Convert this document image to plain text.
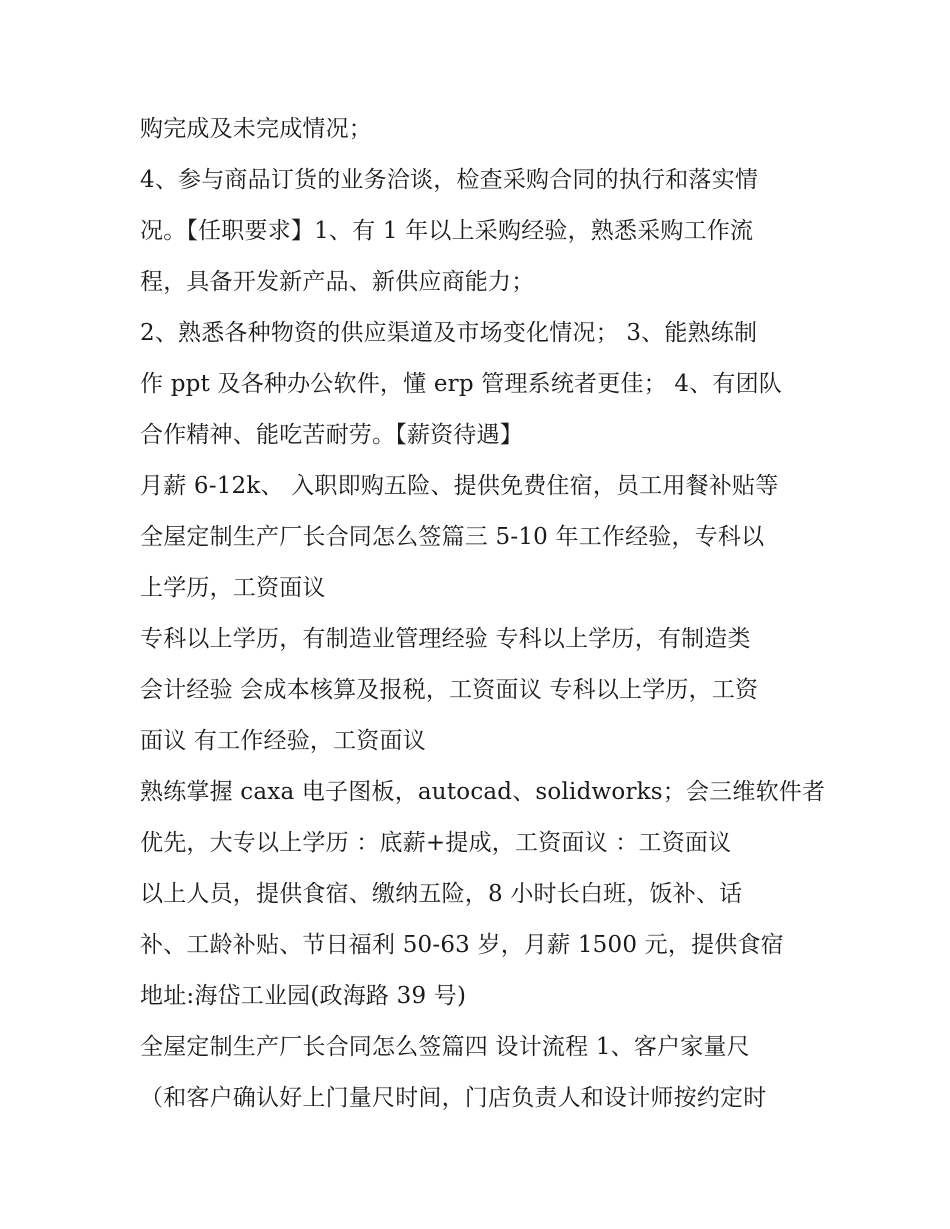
购完成及未完成情况；
4、参与商品订货的业务洽谈，检查采购合同的执行和落实情
况。【任职要求】1、有 1 年以上采购经验，熟悉采购工作流
程，具备开发新产品、新供应商能力；
2、熟悉各种物资的供应渠道及市场变化情况； 3、能熟练制
作 ppt 及各种办公软件，懂 erp 管理系统者更佳； 4、有团队
合作精神、能吃苦耐劳。【薪资待遇】
月薪 6-12k、 入职即购五险、提供免费住宿，员工用餐补贴等
全屋定制生产厂长合同怎么签篇三 5-10 年工作经验，专科以
上学历，工资面议
专科以上学历，有制造业管理经验 专科以上学历，有制造类
会计经验 会成本核算及报税，工资面议 专科以上学历，工资
面议 有工作经验，工资面议
熟练掌握 caxa 电子图板，autocad、solidworks；会三维软件者
优先，大专以上学历 ：底薪+提成，工资面议 ：工资面议
以上人员，提供食宿、缴纳五险，8 小时长白班，饭补、话
补、工龄补贴、节日福利 50-63 岁，月薪 1500 元，提供食宿
地址:海岱工业园(政海路 39 号)
全屋定制生产厂长合同怎么签篇四 设计流程 1、客户家量尺
（和客户确认好上门量尺时间，门店负责人和设计师按约定时
